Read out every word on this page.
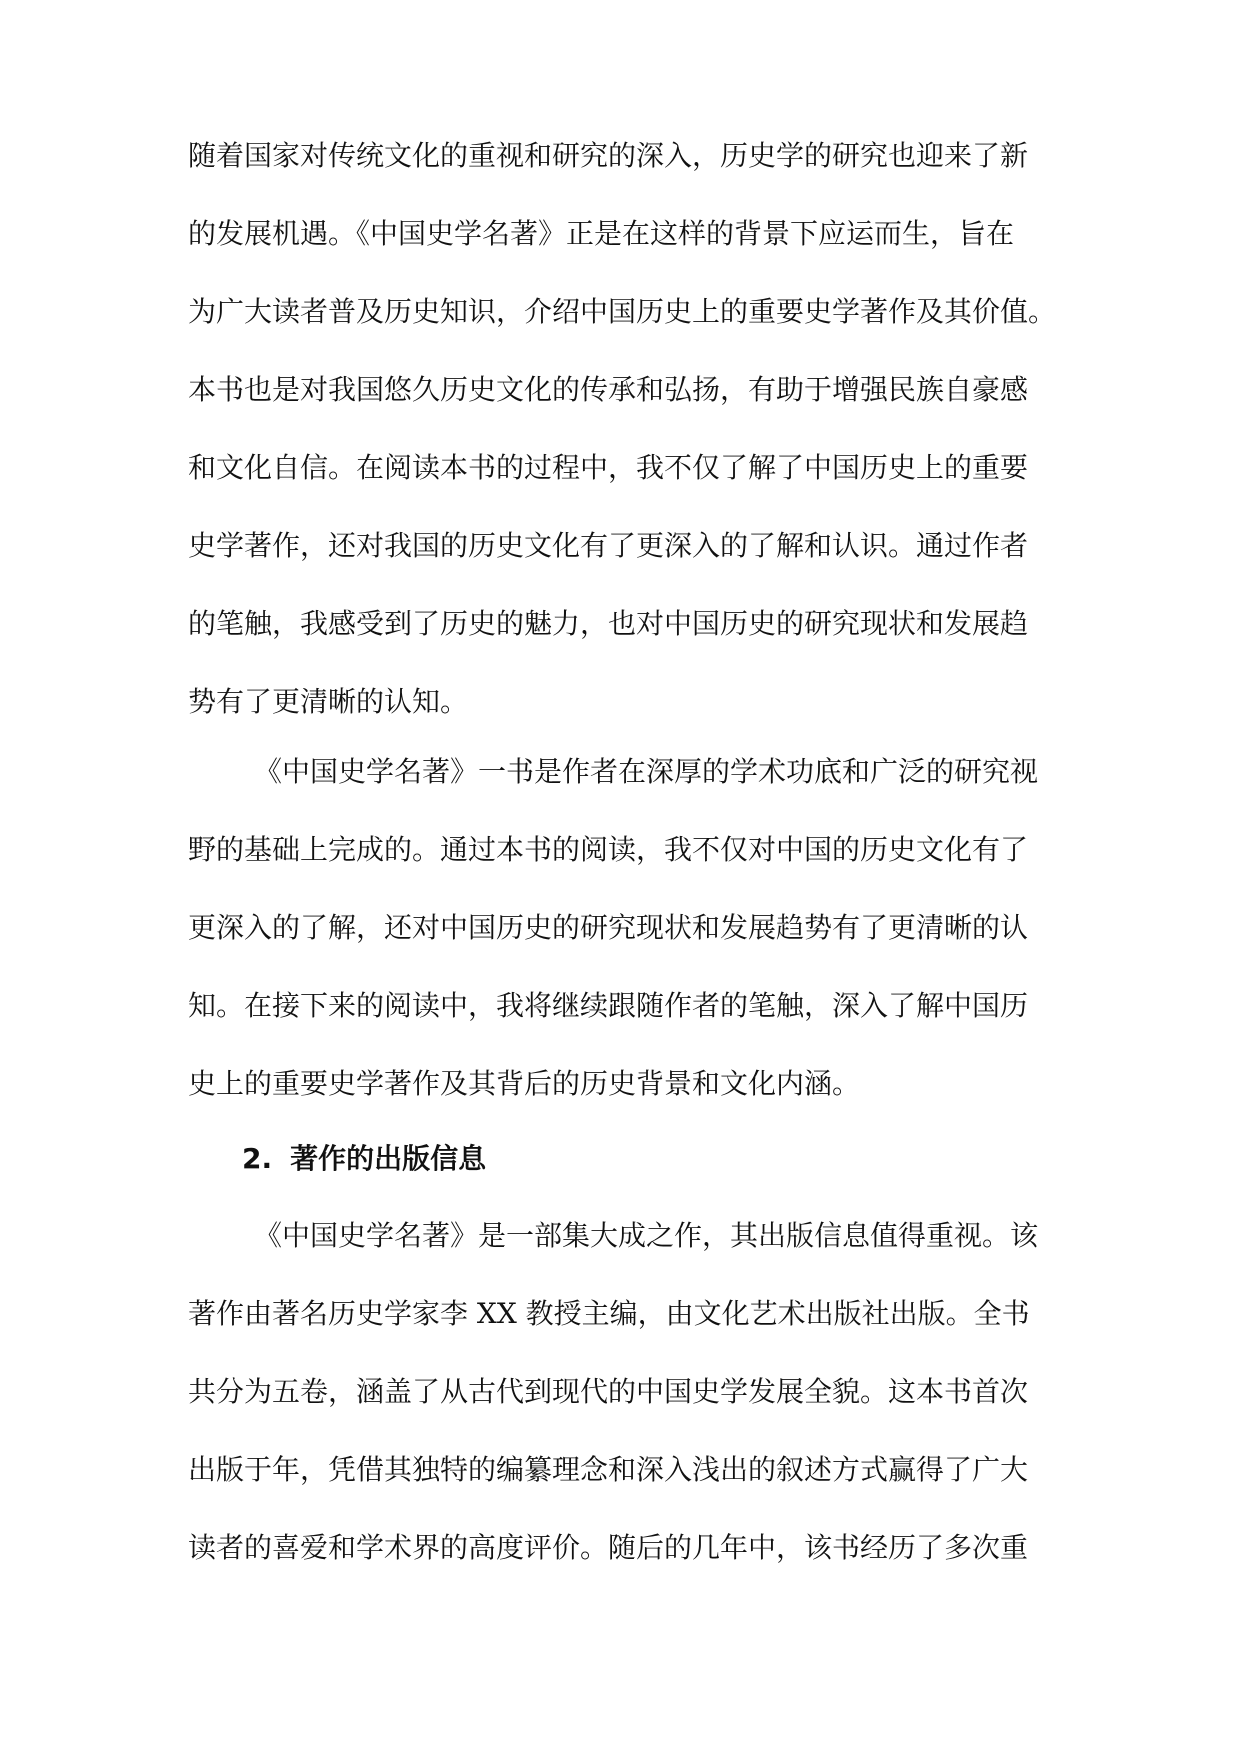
随着国家对传统文化的重视和研究的深入，历史学的研究也迎来了新

的发展机遇。《中国史学名著》正是在这样的背景下应运而生，旨在

为广大读者普及历史知识，介绍中国历史上的重要史学著作及其价值。

本书也是对我国悠久历史文化的传承和弘扬，有助于增强民族自豪感

和文化自信。在阅读本书的过程中，我不仅了解了中国历史上的重要

史学著作，还对我国的历史文化有了更深入的了解和认识。通过作者

的笔触，我感受到了历史的魅力，也对中国历史的研究现状和发展趋

势有了更清晰的认知。

《中国史学名著》一书是作者在深厚的学术功底和广泛的研究视

野的基础上完成的。通过本书的阅读，我不仅对中国的历史文化有了

更深入的了解，还对中国历史的研究现状和发展趋势有了更清晰的认

知。在接下来的阅读中，我将继续跟随作者的笔触，深入了解中国历

史上的重要史学著作及其背后的历史背景和文化内涵。

2. 著作的出版信息

《中国史学名著》是一部集大成之作，其出版信息值得重视。该

著作由著名历史学家李 XX 教授主编，由文化艺术出版社出版。全书

共分为五卷，涵盖了从古代到现代的中国史学发展全貌。这本书首次

出版于年，凭借其独特的编纂理念和深入浅出的叙述方式赢得了广大

读者的喜爱和学术界的高度评价。随后的几年中，该书经历了多次重
